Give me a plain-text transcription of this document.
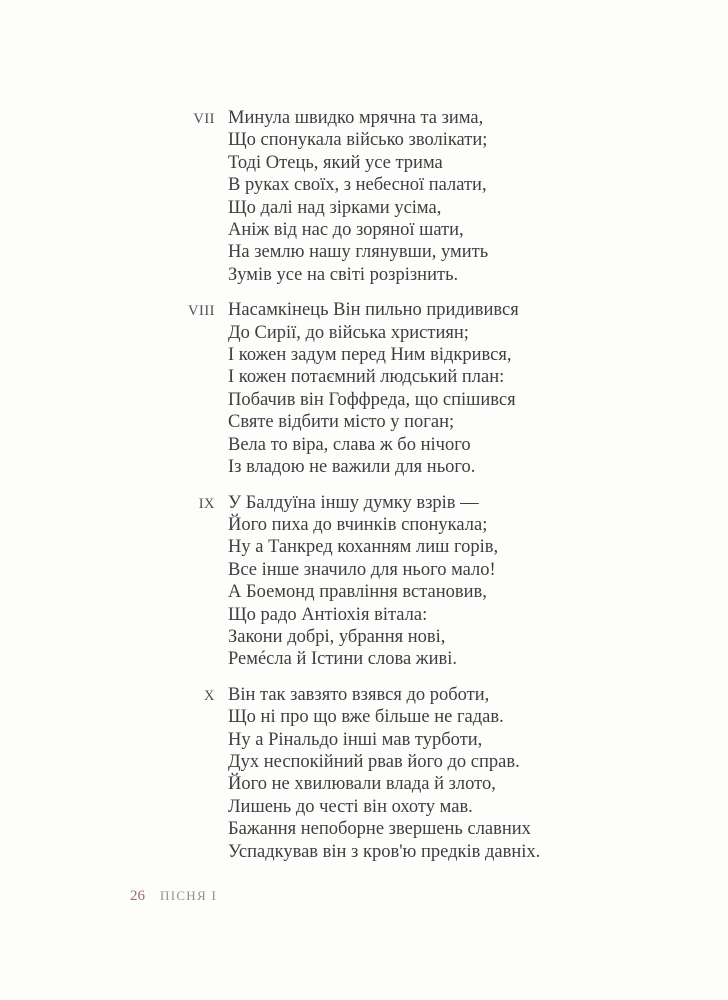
VII Минула швидко мрячна та зима,
Що спонукала військо зволікати;
Тоді Отець, який усе трима
В руках своїх, з небесної палати,
Що далі над зірками усіма,
Аніж від нас до зоряної шати,
На землю нашу глянувши, умить
Зумів усе на світі розрізнить.
VIII Насамкінець Він пильно придивився
До Сирії, до війська християн;
І кожен задум перед Ним відкрився,
І кожен потаємний людський план:
Побачив він Гоффреда, що спішився
Святе відбити місто у поган;
Вела то віра, слава ж бо нічого
Із владою не важили для нього.
IX У Балдуїна іншу думку взрів —
Його пиха до вчинків спонукала;
Ну а Танкред коханням лиш горів,
Все інше значило для нього мало!
А Боемонд правління встановив,
Що радо Антіохія вітала:
Закони добрі, убрання нові,
Ремéсла й Істини слова живі.
X Він так завзято взявся до роботи,
Що ні про що вже більше не гадав.
Ну а Рінальдо інші мав турботи,
Дух неспокійний рвав його до справ.
Його не хвилювали влада й злото,
Лишень до честі він охоту мав.
Бажання непоборне звершень славних
Успадкував він з кров'ю предків давніх.
26 ПІСНЯ I
